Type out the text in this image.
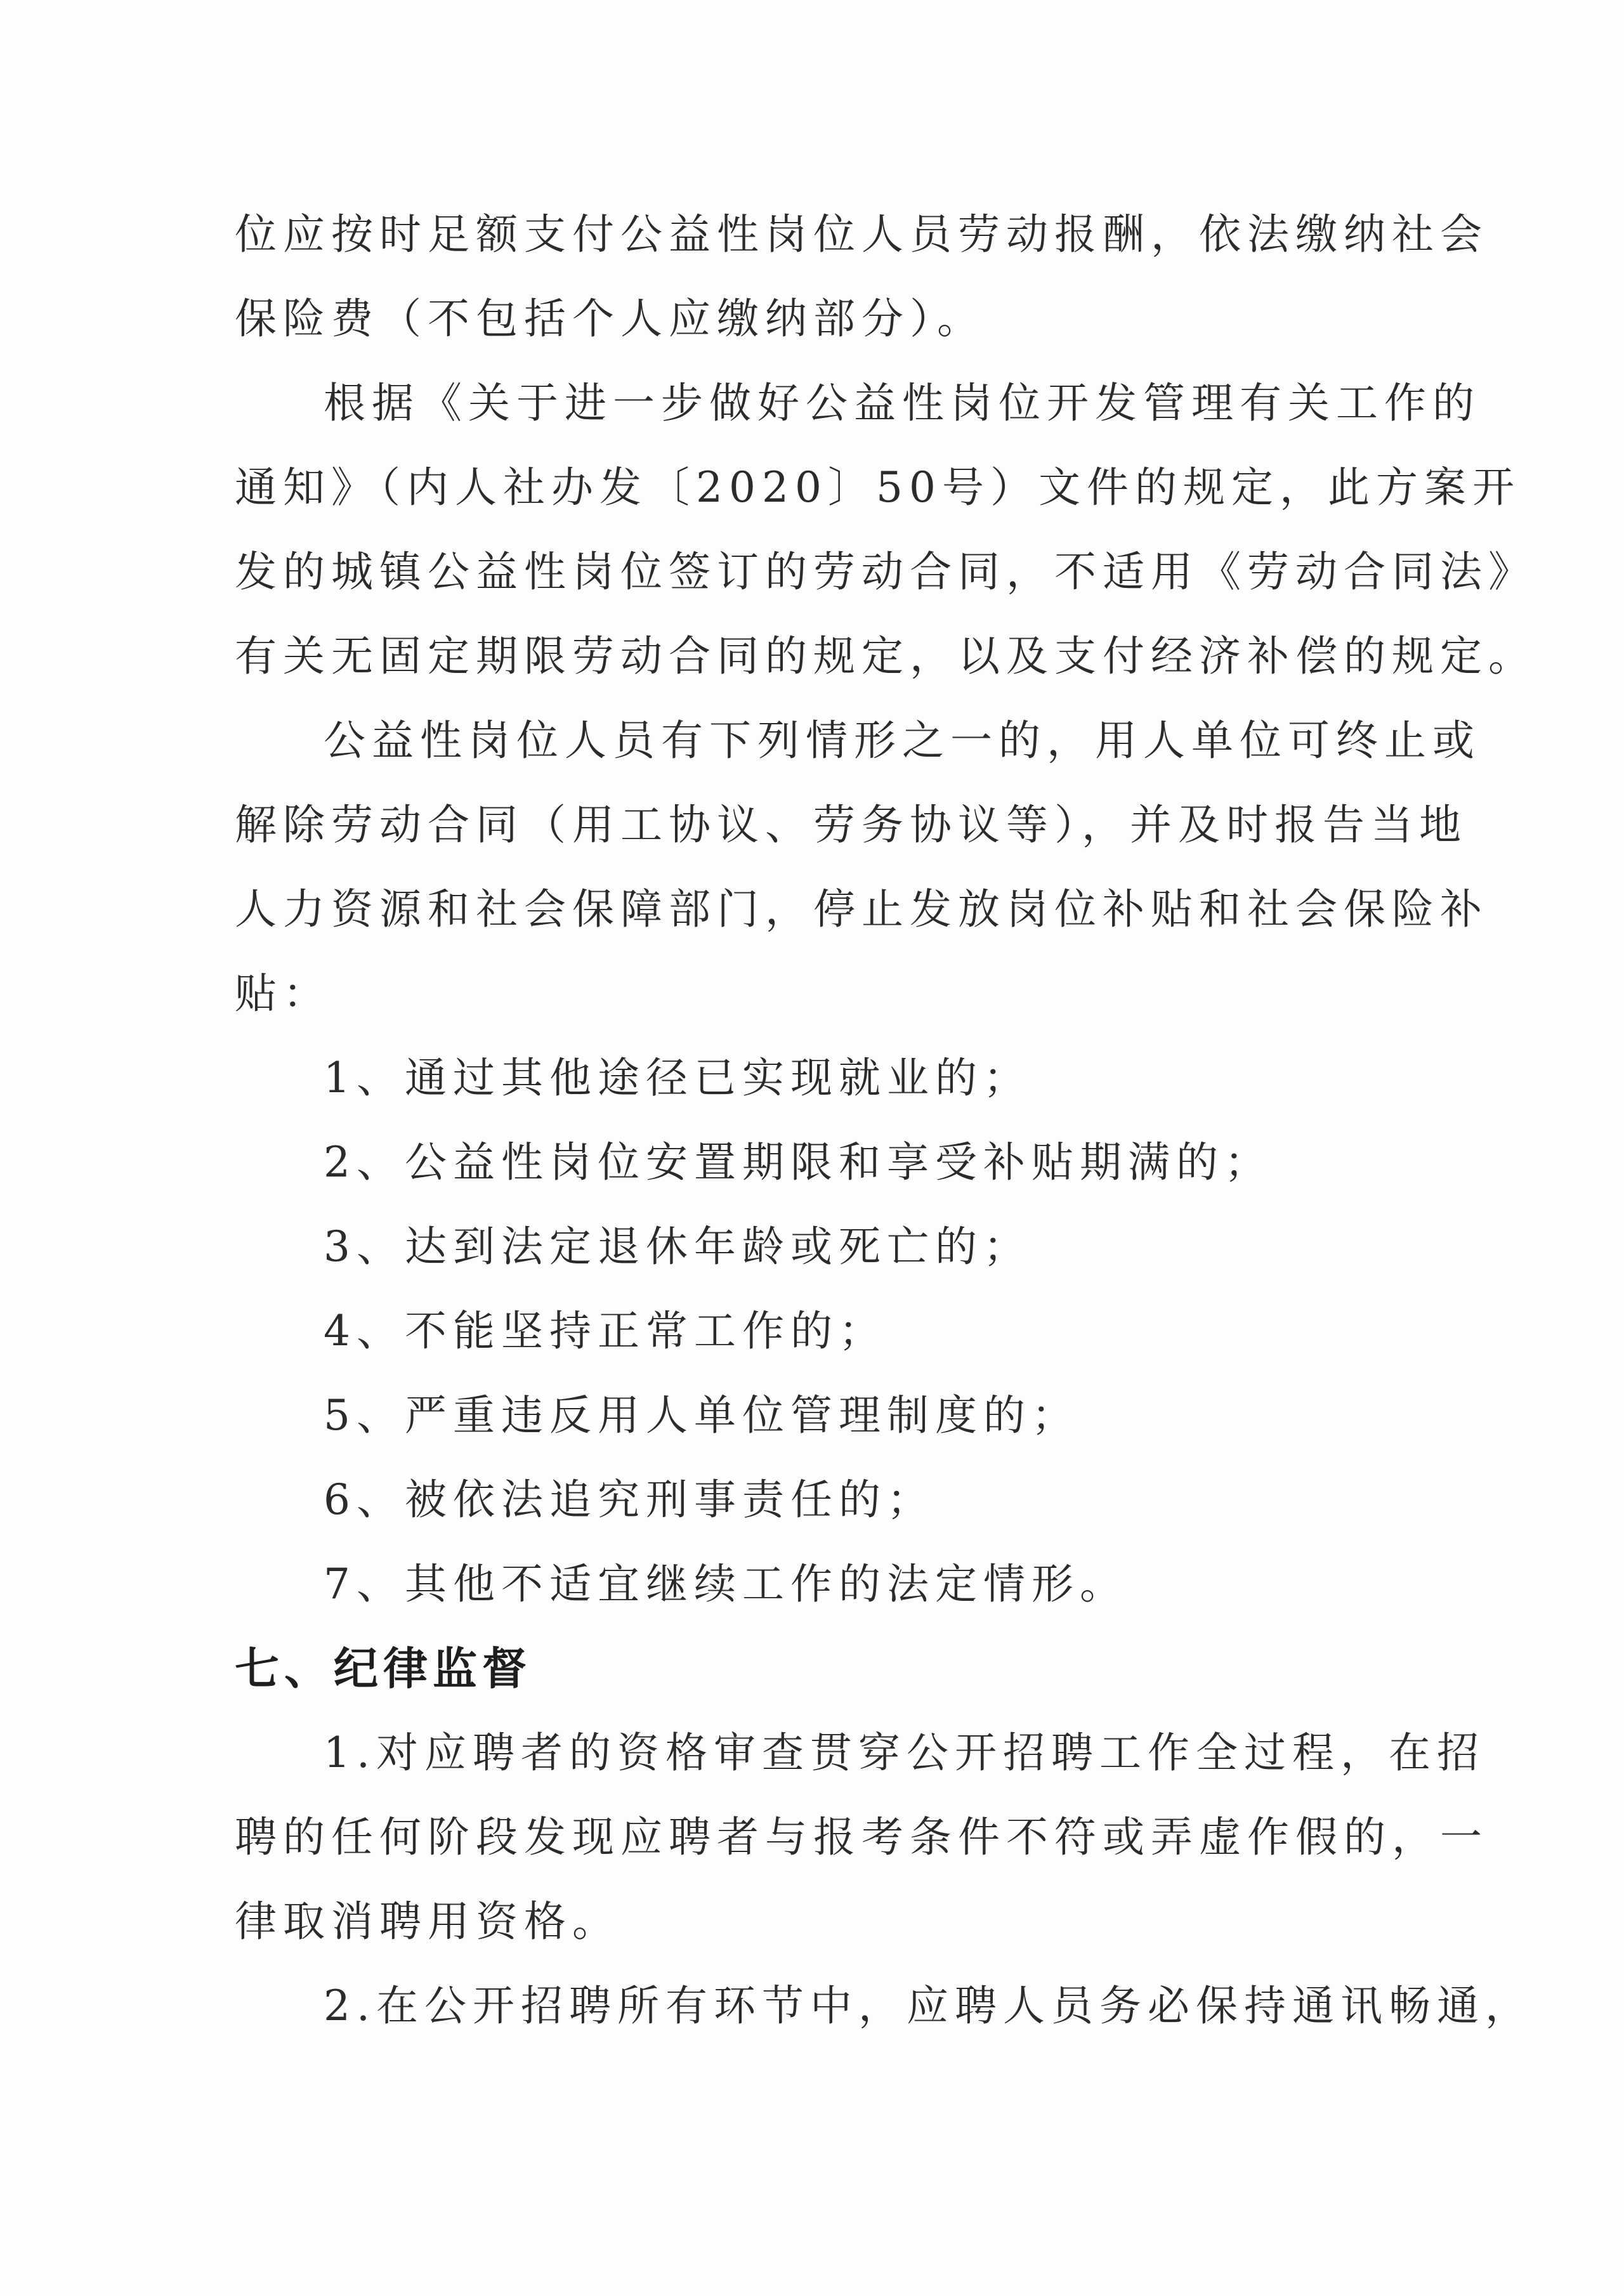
位应按时足额支付公益性岗位人员劳动报酬，依法缴纳社会
保险费（不包括个人应缴纳部分）。
根据《关于进一步做好公益性岗位开发管理有关工作的
通知》（内人社办发〔2020〕50号）文件的规定，此方案开
发的城镇公益性岗位签订的劳动合同，不适用《劳动合同法》
有关无固定期限劳动合同的规定，以及支付经济补偿的规定。
公益性岗位人员有下列情形之一的，用人单位可终止或
解除劳动合同（用工协议、劳务协议等），并及时报告当地
人力资源和社会保障部门，停止发放岗位补贴和社会保险补
贴：
1、通过其他途径已实现就业的；
2、公益性岗位安置期限和享受补贴期满的；
3、达到法定退休年龄或死亡的；
4、不能坚持正常工作的；
5、严重违反用人单位管理制度的；
6、被依法追究刑事责任的；
7、其他不适宜继续工作的法定情形。
七、纪律监督
1.对应聘者的资格审查贯穿公开招聘工作全过程，在招
聘的任何阶段发现应聘者与报考条件不符或弄虚作假的，一
律取消聘用资格。
2.在公开招聘所有环节中，应聘人员务必保持通讯畅通，
